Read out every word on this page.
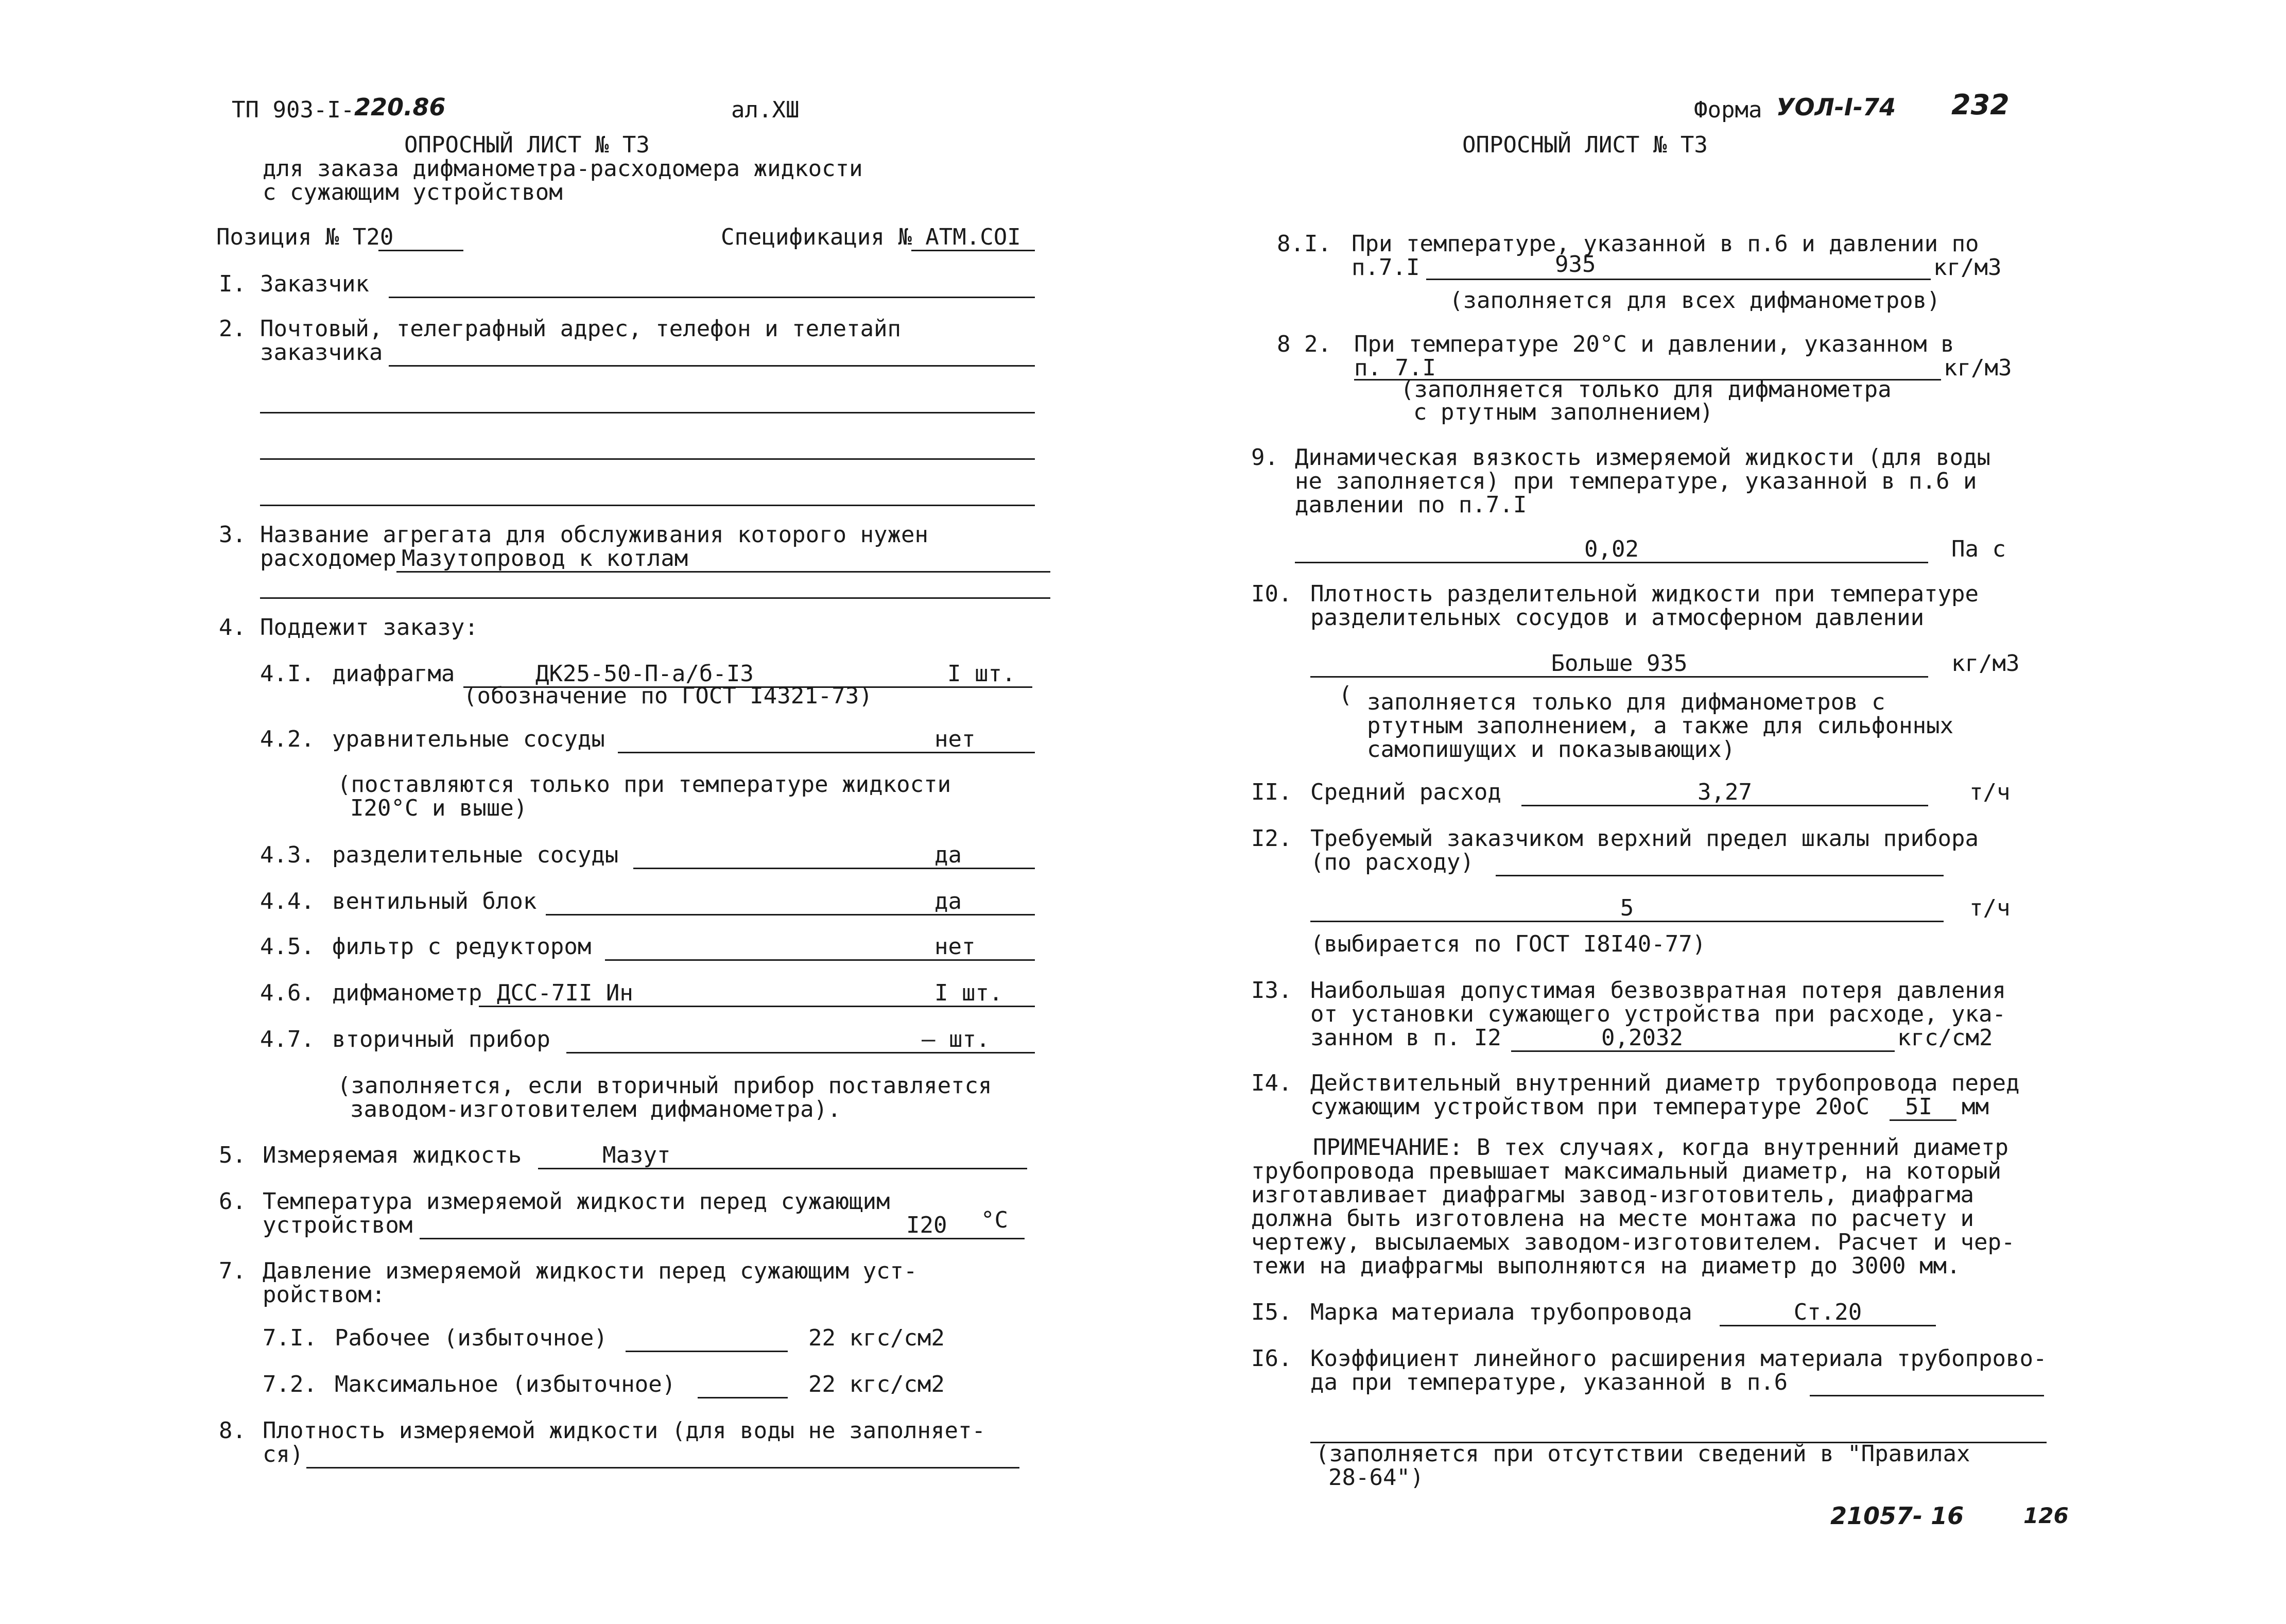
ТП 903-I- 220.86	ал.XШ
ОПРОСНЫЙ ЛИСТ № ТЗ
для заказа дифманометра-расходомера жидкости
с сужающим устройством
Позиция № Т20	Спецификация № АТМ.СОI
I. Заказчик
2. Почтовый, телеграфный адрес, телефон и телетайп
заказчика
3. Название агрегата для обслуживания которого нужен
расходомер Мазутопровод к котлам
4. Поддежит заказу:
4.I. диафрагма	ДК25-50-П-а/б-I3	I шт.
(обозначение по ГОСТ I4321-73)
4.2. уравнительные сосуды	нет
(поставляются только при температуре жидкости
I20°C и выше)
4.3. разделительные сосуды	да
4.4. вентильный блок	да
4.5. фильтр с редуктором	нет
4.6. дифманометр ДСС-7II Ин	I шт.
4.7. вторичный прибор	— шт.
(заполняется, если вторичный прибор поставляется
заводом-изготовителем дифманометра).
5. Измеряемая жидкость	Мазут
6. Температура измеряемой жидкости перед сужающим
устройством	I20 °C
7. Давление измеряемой жидкости перед сужающим уст-
ройством:
7.I. Рабочее (избыточное)	22 кгс/см2
7.2. Максимальное (избыточное)	22 кгс/см2
8. Плотность измеряемой жидкости (для воды не заполняет-
ся)
Форма УОЛ-I-74 232
ОПРОСНЫЙ ЛИСТ № ТЗ
8.I. При температуре, указанной в п.6 и давлении по
п.7.I	935	кг/м3
(заполняется для всех дифманометров)
8 2. При температуре 20°С и давлении, указанном в
п. 7.I	кг/м3
(заполняется только для дифманометра
с ртутным заполнением)
9. Динамическая вязкость измеряемой жидкости (для воды
не заполняется) при температуре, указанной в п.6 и
давлении по п.7.I
0,02	Па с
I0. Плотность разделительной жидкости при температуре
разделительных сосудов и атмосферном давлении
Больше 935	кг/м3
( заполняется только для дифманометров с
ртутным заполнением, а также для сильфонных
самопишущих и показывающих)
II. Средний расход	3,27	т/ч
I2. Требуемый заказчиком верхний предел шкалы прибора
(по расходу)
5	т/ч
(выбирается по ГОСТ I8I40-77)
I3. Наибольшая допустимая безвозвратная потеря давления
от установки сужающего устройства при расходе, ука-
занном в п. I2	0,2032	кгс/см2
I4. Действительный внутренний диаметр трубопровода перед
сужающим устройством при температуре 20оС 5I мм
ПРИМЕЧАНИЕ: В тех случаях, когда внутренний диаметр
трубопровода превышает максимальный диаметр, на который
изготавливает диафрагмы завод-изготовитель, диафрагма
должна быть изготовлена на месте монтажа по расчету и
чертежу, высылаемых заводом-изготовителем. Расчет и чер-
тежи на диафрагмы выполняются на диаметр до 3000 мм.
I5. Марка материала трубопровода	Ст.20
I6. Коэффициент линейного расширения материала трубопрово-
да при температуре, указанной в п.6
(заполняется при отсутствии сведений в "Правилах
28-64")
21057- 16	126
